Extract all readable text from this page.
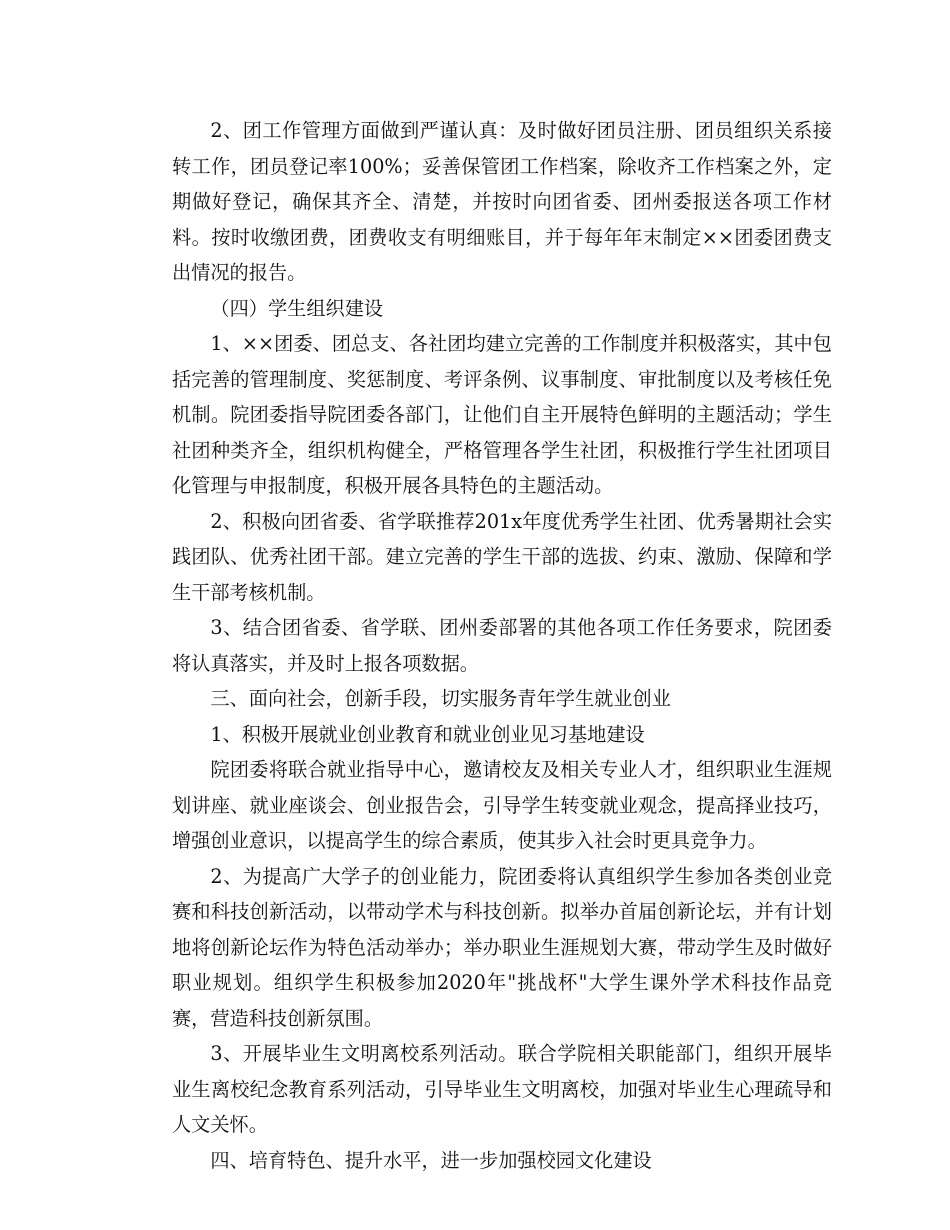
2、团工作管理方面做到严谨认真：及时做好团员注册、团员组织关系接转工作，团员登记率100%；妥善保管团工作档案，除收齐工作档案之外，定期做好登记，确保其齐全、清楚，并按时向团省委、团州委报送各项工作材料。按时收缴团费，团费收支有明细账目，并于每年年末制定××团委团费支出情况的报告。

（四）学生组织建设

1、××团委、团总支、各社团均建立完善的工作制度并积极落实，其中包括完善的管理制度、奖惩制度、考评条例、议事制度、审批制度以及考核任免机制。院团委指导院团委各部门，让他们自主开展特色鲜明的主题活动；学生社团种类齐全，组织机构健全，严格管理各学生社团，积极推行学生社团项目化管理与申报制度，积极开展各具特色的主题活动。

2、积极向团省委、省学联推荐201x年度优秀学生社团、优秀暑期社会实践团队、优秀社团干部。建立完善的学生干部的选拔、约束、激励、保障和学生干部考核机制。

3、结合团省委、省学联、团州委部署的其他各项工作任务要求，院团委将认真落实，并及时上报各项数据。

三、面向社会，创新手段，切实服务青年学生就业创业

1、积极开展就业创业教育和就业创业见习基地建设

院团委将联合就业指导中心，邀请校友及相关专业人才，组织职业生涯规划讲座、就业座谈会、创业报告会，引导学生转变就业观念，提高择业技巧，增强创业意识，以提高学生的综合素质，使其步入社会时更具竞争力。

2、为提高广大学子的创业能力，院团委将认真组织学生参加各类创业竞赛和科技创新活动，以带动学术与科技创新。拟举办首届创新论坛，并有计划地将创新论坛作为特色活动举办；举办职业生涯规划大赛，带动学生及时做好职业规划。组织学生积极参加2020年"挑战杯"大学生课外学术科技作品竞赛，营造科技创新氛围。

3、开展毕业生文明离校系列活动。联合学院相关职能部门，组织开展毕业生离校纪念教育系列活动，引导毕业生文明离校，加强对毕业生心理疏导和人文关怀。

四、培育特色、提升水平，进一步加强校园文化建设
